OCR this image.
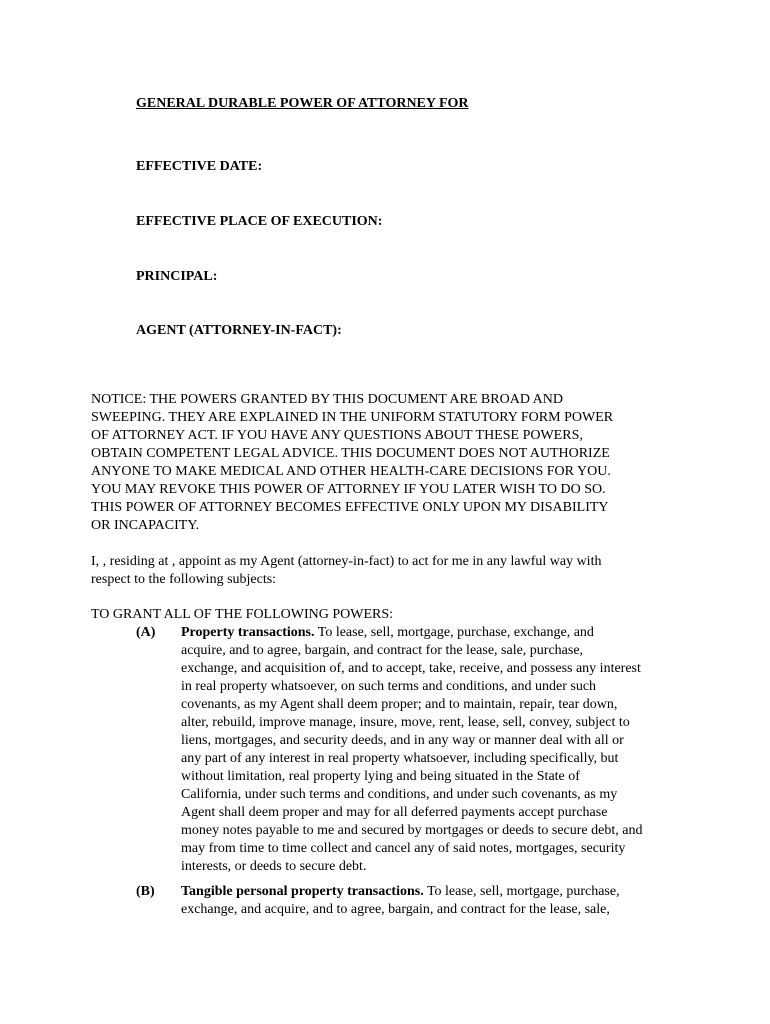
GENERAL DURABLE POWER OF ATTORNEY FOR
EFFECTIVE DATE:
EFFECTIVE PLACE OF EXECUTION:
PRINCIPAL:
AGENT (ATTORNEY-IN-FACT):
NOTICE: THE POWERS GRANTED BY THIS DOCUMENT ARE BROAD AND
SWEEPING. THEY ARE EXPLAINED IN THE UNIFORM STATUTORY FORM POWER
OF ATTORNEY ACT. IF YOU HAVE ANY QUESTIONS ABOUT THESE POWERS,
OBTAIN COMPETENT LEGAL ADVICE. THIS DOCUMENT DOES NOT AUTHORIZE
ANYONE TO MAKE MEDICAL AND OTHER HEALTH-CARE DECISIONS FOR YOU.
YOU MAY REVOKE THIS POWER OF ATTORNEY IF YOU LATER WISH TO DO SO.
THIS POWER OF ATTORNEY BECOMES EFFECTIVE ONLY UPON MY DISABILITY
OR INCAPACITY.
I, , residing at , appoint as my Agent (attorney-in-fact) to act for me in any lawful way with
respect to the following subjects:
TO GRANT ALL OF THE FOLLOWING POWERS:
(A)	Property transactions. To lease, sell, mortgage, purchase, exchange, and
acquire, and to agree, bargain, and contract for the lease, sale, purchase,
exchange, and acquisition of, and to accept, take, receive, and possess any interest
in real property whatsoever, on such terms and conditions, and under such
covenants, as my Agent shall deem proper; and to maintain, repair, tear down,
alter, rebuild, improve manage, insure, move, rent, lease, sell, convey, subject to
liens, mortgages, and security deeds, and in any way or manner deal with all or
any part of any interest in real property whatsoever, including specifically, but
without limitation, real property lying and being situated in the State of
California, under such terms and conditions, and under such covenants, as my
Agent shall deem proper and may for all deferred payments accept purchase
money notes payable to me and secured by mortgages or deeds to secure debt, and
may from time to time collect and cancel any of said notes, mortgages, security
interests, or deeds to secure debt.
(B)	Tangible personal property transactions. To lease, sell, mortgage, purchase,
exchange, and acquire, and to agree, bargain, and contract for the lease, sale,
